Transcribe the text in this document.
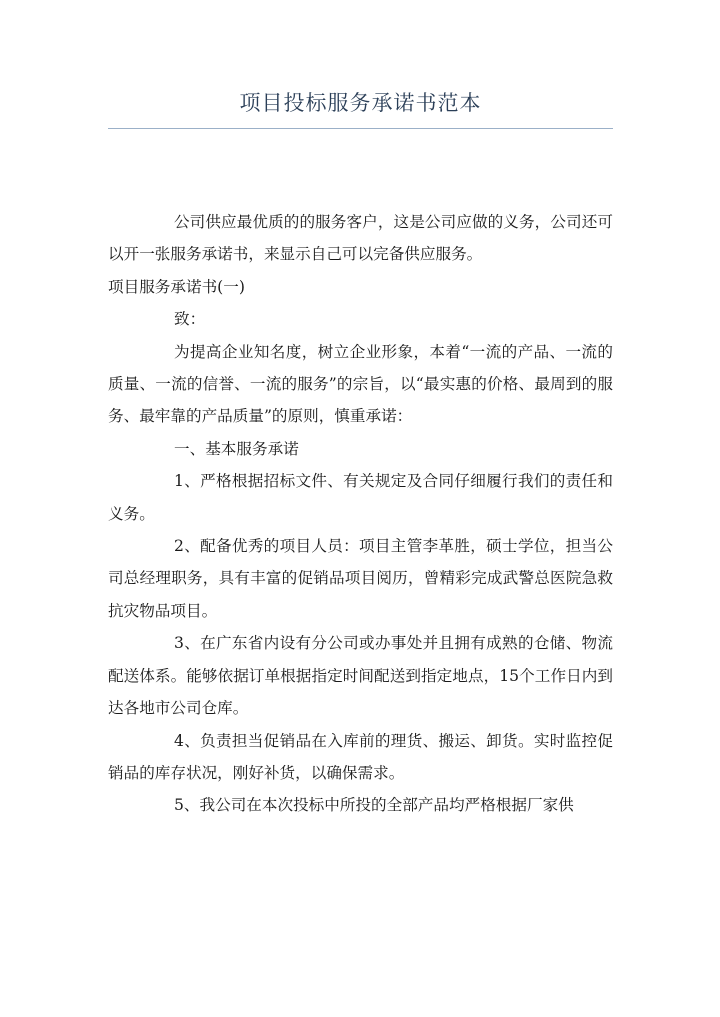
项目投标服务承诺书范本

公司供应最优质的的服务客户，这是公司应做的义务，公司还可以开一张服务承诺书，来显示自己可以完备供应服务。

项目服务承诺书(一)

致：

为提高企业知名度，树立企业形象，本着“一流的产品、一流的质量、一流的信誉、一流的服务”的宗旨，以“最实惠的价格、最周到的服务、最牢靠的产品质量”的原则，慎重承诺：

一、基本服务承诺

1、严格根据招标文件、有关规定及合同仔细履行我们的责任和义务。

2、配备优秀的项目人员：项目主管李革胜，硕士学位，担当公司总经理职务，具有丰富的促销品项目阅历，曾精彩完成武警总医院急救抗灾物品项目。

3、在广东省内设有分公司或办事处并且拥有成熟的仓储、物流配送体系。能够依据订单根据指定时间配送到指定地点，15个工作日内到达各地市公司仓库。

4、负责担当促销品在入库前的理货、搬运、卸货。实时监控促销品的库存状况，刚好补货，以确保需求。

5、我公司在本次投标中所投的全部产品均严格根据厂家供
